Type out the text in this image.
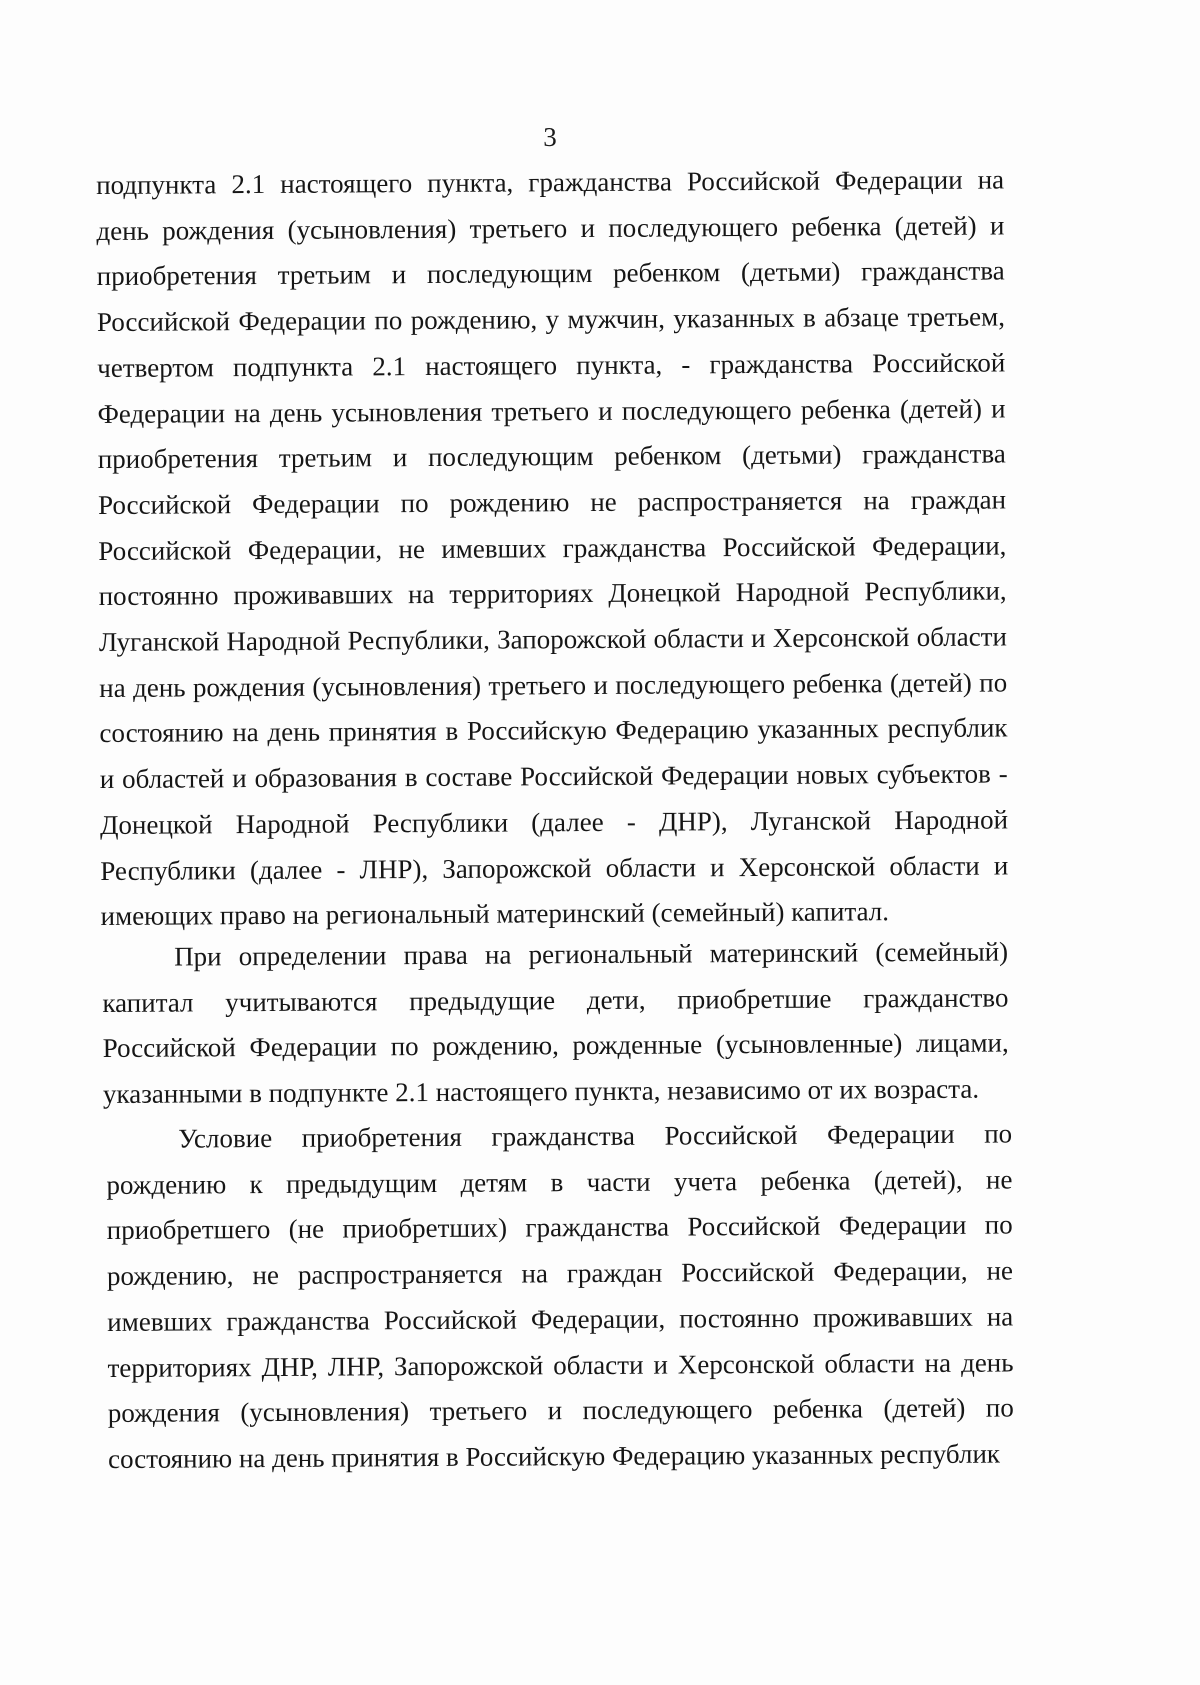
3

подпункта 2.1 настоящего пункта, гражданства Российской Федерации на день рождения (усыновления) третьего и последующего ребенка (детей) и приобретения третьим и последующим ребенком (детьми) гражданства Российской Федерации по рождению, у мужчин, указанных в абзаце третьем, четвертом подпункта 2.1 настоящего пункта, - гражданства Российской Федерации на день усыновления третьего и последующего ребенка (детей) и приобретения третьим и последующим ребенком (детьми) гражданства Российской Федерации по рождению не распространяется на граждан Российской Федерации, не имевших гражданства Российской Федерации, постоянно проживавших на территориях Донецкой Народной Республики, Луганской Народной Республики, Запорожской области и Херсонской области на день рождения (усыновления) третьего и последующего ребенка (детей) по состоянию на день принятия в Российскую Федерацию указанных республик и областей и образования в составе Российской Федерации новых субъектов - Донецкой Народной Республики (далее - ДНР), Луганской Народной Республики (далее - ЛНР), Запорожской области и Херсонской области и имеющих право на региональный материнский (семейный) капитал.

При определении права на региональный материнский (семейный) капитал учитываются предыдущие дети, приобретшие гражданство Российской Федерации по рождению, рожденные (усыновленные) лицами, указанными в подпункте 2.1 настоящего пункта, независимо от их возраста.

Условие приобретения гражданства Российской Федерации по рождению к предыдущим детям в части учета ребенка (детей), не приобретшего (не приобретших) гражданства Российской Федерации по рождению, не распространяется на граждан Российской Федерации, не имевших гражданства Российской Федерации, постоянно проживавших на территориях ДНР, ЛНР, Запорожской области и Херсонской области на день рождения (усыновления) третьего и последующего ребенка (детей) по состоянию на день принятия в Российскую Федерацию указанных республик
